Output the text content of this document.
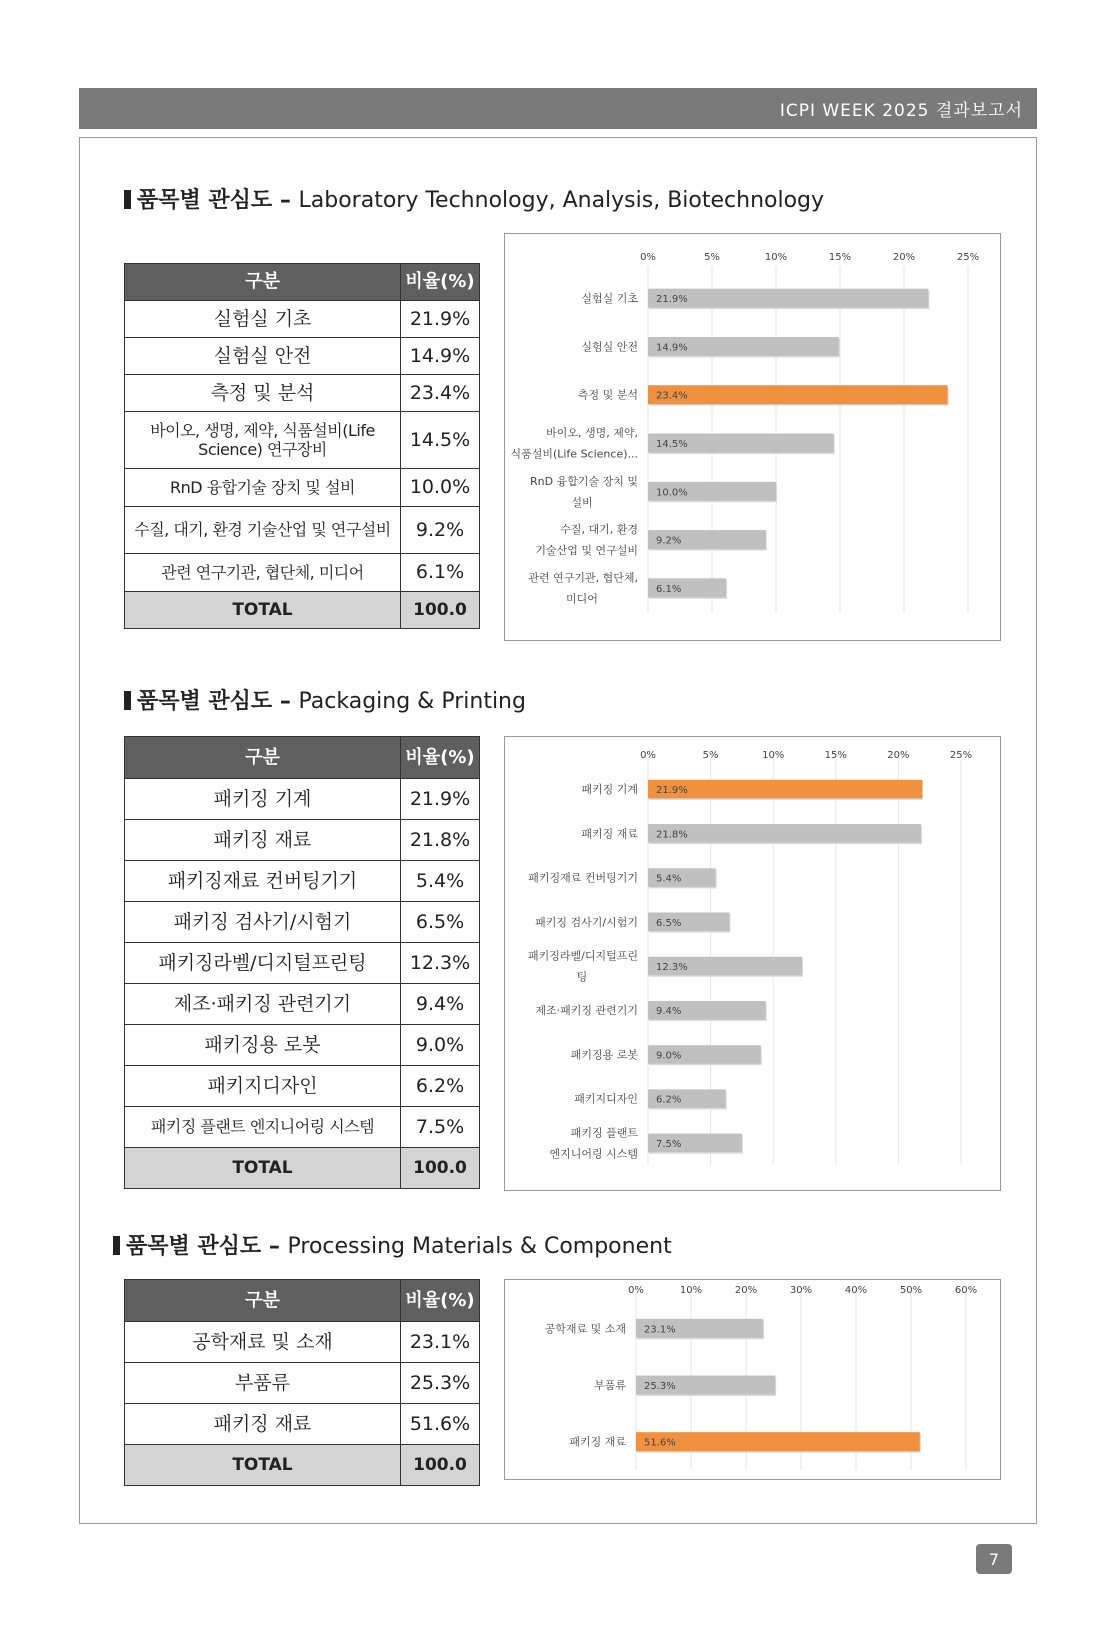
ICPI WEEK 2025 결과보고서
품목별 관심도 – Laboratory Technology, Analysis, Biotechnology
구분	비율(%)
실험실 기초	21.9%
실험실 안전	14.9%
측정 및 분석	23.4%
바이오, 생명, 제약, 식품설비(Life Science) 연구장비	14.5%
RnD 융합기술 장치 및 설비	10.0%
수질, 대기, 환경 기술산업 및 연구설비	9.2%
관련 연구기관, 협단체, 미디어	6.1%
TOTAL	100.0
0%	5%	10%	15%	20%	25%
21.9%
실험실 기초
14.9%
실험실 안전
23.4%
측정 및 분석
14.5%
바이오, 생명, 제약,
식품설비(Life Science)...
10.0%
RnD 융합기술 장치 및
설비
9.2%
수질, 대기, 환경
기술산업 및 연구설비
6.1%
관련 연구기관, 협단체,
미디어
품목별 관심도 – Packaging & Printing
구분	비율(%)
패키징 기계	21.9%
패키징 재료	21.8%
패키징재료 컨버팅기기	5.4%
패키징 검사기/시험기	6.5%
패키징라벨/디지털프린팅	12.3%
제조·패키징 관련기기	9.4%
패키징용 로봇	9.0%
패키지디자인	6.2%
패키징 플랜트 엔지니어링 시스템	7.5%
TOTAL	100.0
0%	5%	10%	15%	20%	25%
21.9%
패키징 기계
21.8%
패키징 재료
5.4%
패키징재료 컨버팅기기
6.5%
패키징 검사기/시험기
12.3%
패키징라벨/디지털프린
팅
9.4%
제조·패키징 관련기기
9.0%
패키징용 로봇
6.2%
패키지디자인
7.5%
패키징 플랜트
엔지니어링 시스템
품목별 관심도 – Processing Materials & Component
구분	비율(%)
공학재료 및 소재	23.1%
부품류	25.3%
패키징 재료	51.6%
TOTAL	100.0
0%	10%	20%	30%	40%	50%	60%
23.1%
공학재료 및 소재
25.3%
부품류
51.6%
패키징 재료
7
